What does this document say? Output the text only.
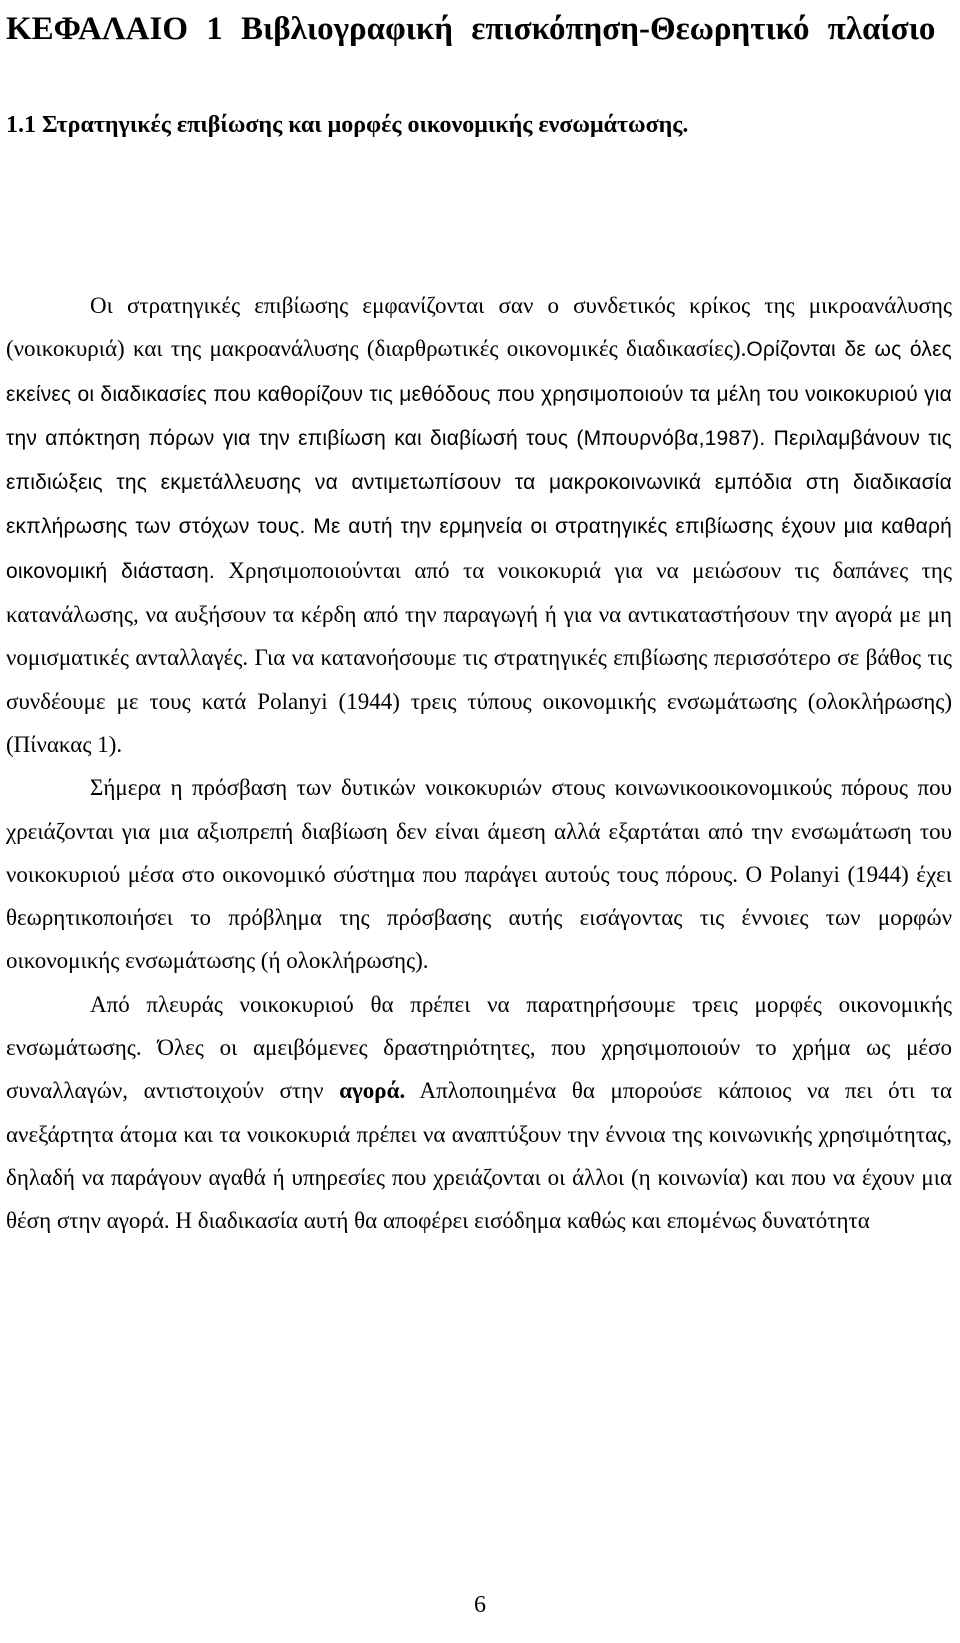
ΚΕΦΑΛΑΙΟ 1 Βιβλιογραφική επισκόπηση-Θεωρητικό πλαίσιο
1.1 Στρατηγικές επιβίωσης και μορφές οικονομικής ενσωμάτωσης.

Οι στρατηγικές επιβίωσης εμφανίζονται σαν ο συνδετικός κρίκος της μικροανάλυσης (νοικοκυριά) και της μακροανάλυσης (διαρθρωτικές οικονομικές διαδικασίες).Ορίζονται δε ως όλες εκείνες οι διαδικασίες που καθορίζουν τις μεθόδους που χρησιμοποιούν τα μέλη του νοικοκυριού για την απόκτηση πόρων για την επιβίωση και διαβίωσή τους (Μπουρνόβα,1987). Περιλαμβάνουν τις επιδιώξεις της εκμετάλλευσης να αντιμετωπίσουν τα μακροκοινωνικά εμπόδια στη διαδικασία εκπλήρωσης των στόχων τους. Με αυτή την ερμηνεία οι στρατηγικές επιβίωσης έχουν μια καθαρή οικονομική διάσταση. Χρησιμοποιούνται από τα νοικοκυριά για να μειώσουν τις δαπάνες της κατανάλωσης, να αυξήσουν τα κέρδη από την παραγωγή ή για να αντικαταστήσουν την αγορά με μη νομισματικές ανταλλαγές. Για να κατανοήσουμε τις στρατηγικές επιβίωσης περισσότερο σε βάθος τις συνδέουμε με τους κατά Polanyi (1944) τρεις τύπους οικονομικής ενσωμάτωσης (ολοκλήρωσης) (Πίνακας 1).

Σήμερα η πρόσβαση των δυτικών νοικοκυριών στους κοινωνικοοικονομικούς πόρους που χρειάζονται για μια αξιοπρεπή διαβίωση δεν είναι άμεση αλλά εξαρτάται από την ενσωμάτωση του νοικοκυριού μέσα στο οικονομικό σύστημα που παράγει αυτούς τους πόρους. O Polanyi (1944) έχει θεωρητικοποιήσει το πρόβλημα της πρόσβασης αυτής εισάγοντας τις έννοιες των μορφών οικονομικής ενσωμάτωσης (ή ολοκλήρωσης).

Από πλευράς νοικοκυριού θα πρέπει να παρατηρήσουμε τρεις μορφές οικονομικής ενσωμάτωσης. Όλες οι αμειβόμενες δραστηριότητες, που χρησιμοποιούν το χρήμα ως μέσο συναλλαγών, αντιστοιχούν στην αγορά. Απλοποιημένα θα μπορούσε κάποιος να πει ότι τα ανεξάρτητα άτομα και τα νοικοκυριά πρέπει να αναπτύξουν την έννοια της κοινωνικής χρησιμότητας, δηλαδή να παράγουν αγαθά ή υπηρεσίες που χρειάζονται οι άλλοι (η κοινωνία) και που να έχουν μια θέση στην αγορά. Η διαδικασία αυτή θα αποφέρει εισόδημα καθώς και επομένως δυνατότητα

6
